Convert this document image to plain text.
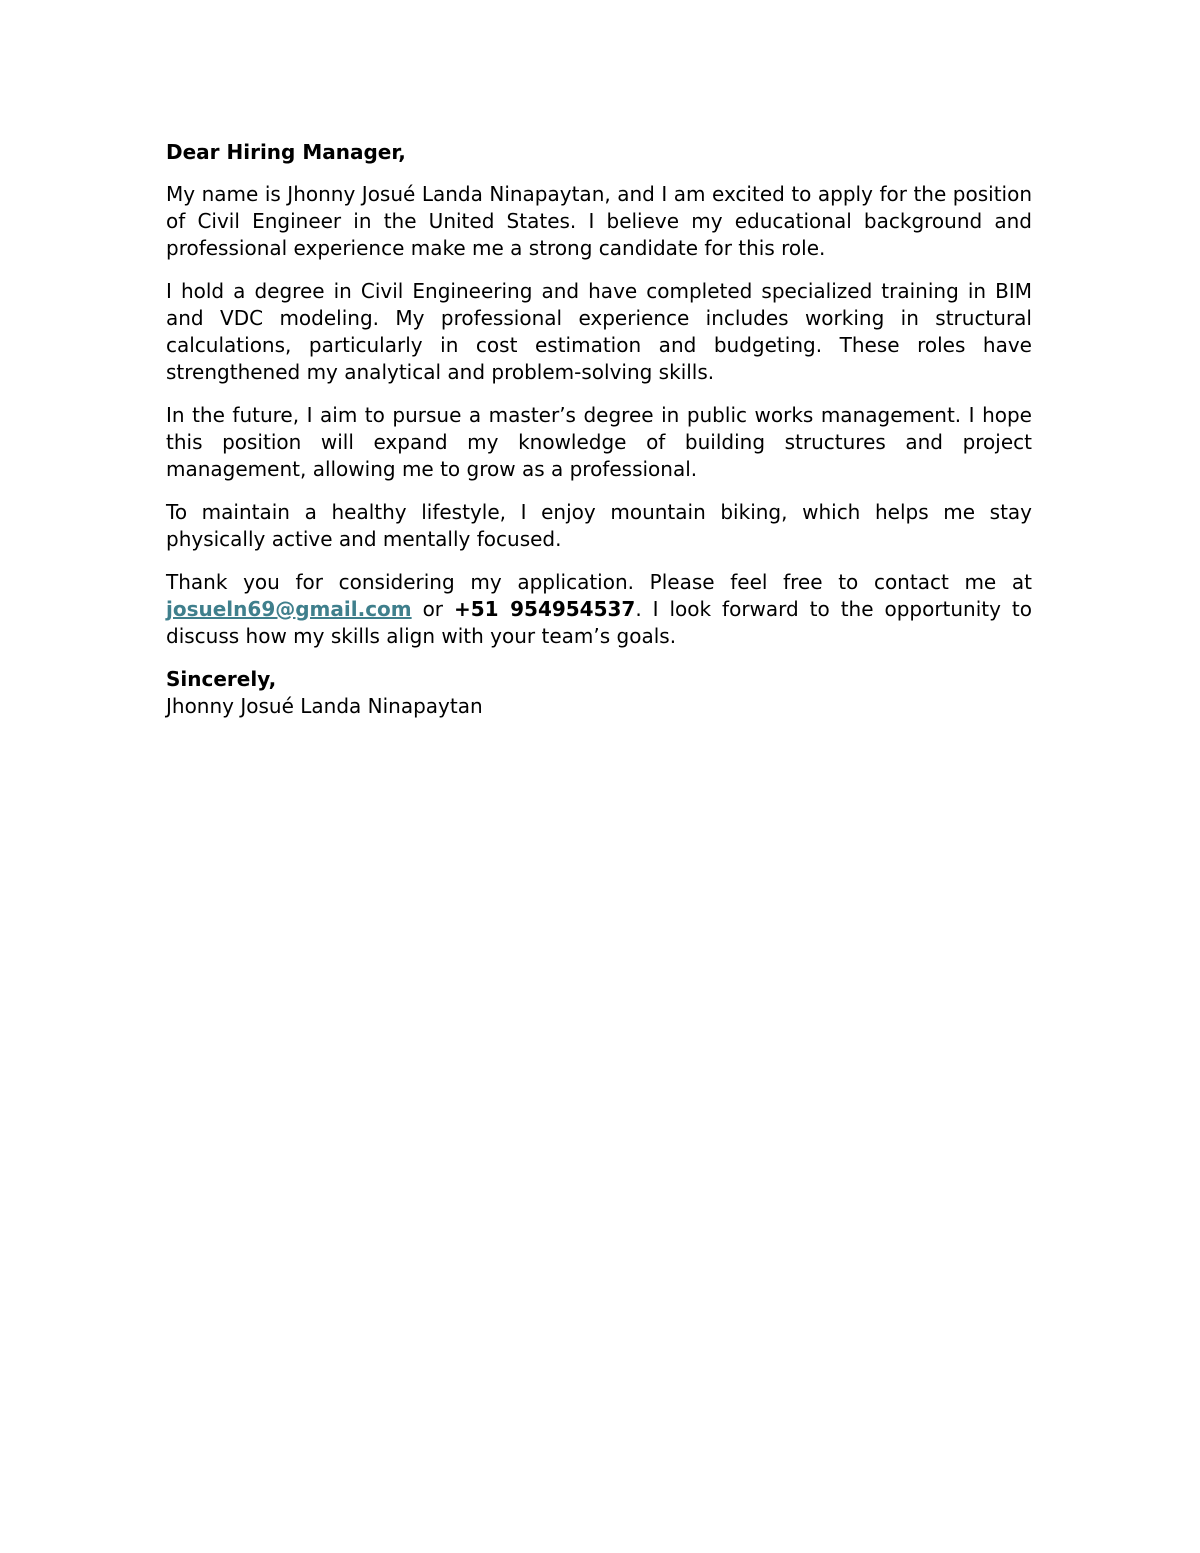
Dear Hiring Manager,

My name is Jhonny Josué Landa Ninapaytan, and I am excited to apply for the position of Civil Engineer in the United States. I believe my educational background and professional experience make me a strong candidate for this role.

I hold a degree in Civil Engineering and have completed specialized training in BIM and VDC modeling. My professional experience includes working in structural calculations, particularly in cost estimation and budgeting. These roles have strengthened my analytical and problem-solving skills.

In the future, I aim to pursue a master’s degree in public works management. I hope this position will expand my knowledge of building structures and project management, allowing me to grow as a professional.

To maintain a healthy lifestyle, I enjoy mountain biking, which helps me stay physically active and mentally focused.

Thank you for considering my application. Please feel free to contact me at josueln69@gmail.com or +51 954954537. I look forward to the opportunity to discuss how my skills align with your team’s goals.

Sincerely,

Jhonny Josué Landa Ninapaytan
